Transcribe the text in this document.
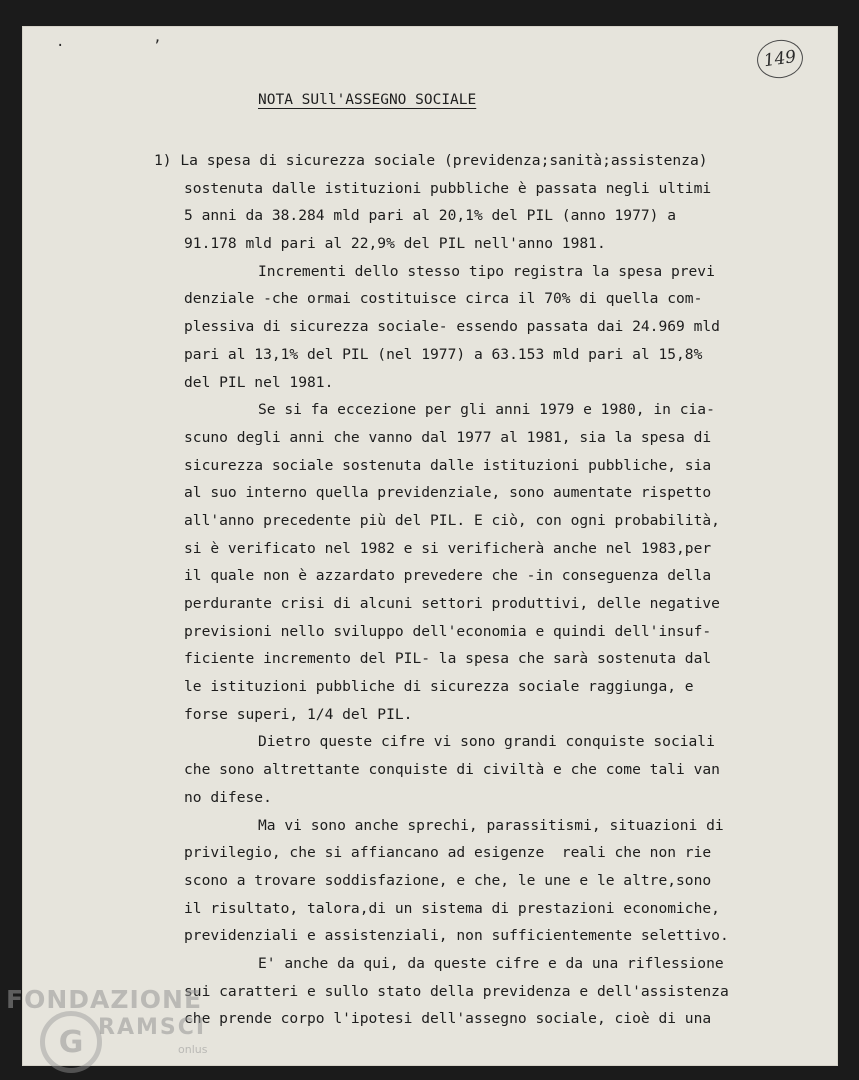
· ʼ
149
NOTA SUll'ASSEGNO SOCIALE
1) La spesa di sicurezza sociale (previdenza;sanità;assistenza)
sostenuta dalle istituzioni pubbliche è passata negli ultimi
5 anni da 38.284 mld pari al 20,1% del PIL (anno 1977) a
91.178 mld pari al 22,9% del PIL nell'anno 1981.
Incrementi dello stesso tipo registra la spesa previ
denziale -che ormai costituisce circa il 70% di quella com-
plessiva di sicurezza sociale- essendo passata dai 24.969 mld
pari al 13,1% del PIL (nel 1977) a 63.153 mld pari al 15,8%
del PIL nel 1981.
Se si fa eccezione per gli anni 1979 e 1980, in cia-
scuno degli anni che vanno dal 1977 al 1981, sia la spesa di
sicurezza sociale sostenuta dalle istituzioni pubbliche, sia
al suo interno quella previdenziale, sono aumentate rispetto
all'anno precedente più del PIL. E ciò, con ogni probabilità,
si è verificato nel 1982 e si verificherà anche nel 1983,per
il quale non è azzardato prevedere che -in conseguenza della
perdurante crisi di alcuni settori produttivi, delle negative
previsioni nello sviluppo dell'economia e quindi dell'insuf-
ficiente incremento del PIL- la spesa che sarà sostenuta dal
le istituzioni pubbliche di sicurezza sociale raggiunga, e
forse superi, 1/4 del PIL.
Dietro queste cifre vi sono grandi conquiste sociali
che sono altrettante conquiste di civiltà e che come tali van
no difese.
Ma vi sono anche sprechi, parassitismi, situazioni di
privilegio, che si affiancano ad esigenze  reali che non rie
scono a trovare soddisfazione, e che, le une e le altre,sono
il risultato, talora,di un sistema di prestazioni economiche,
previdenziali e assistenziali, non sufficientemente selettivo.
E' anche da qui, da queste cifre e da una riflessione
sui caratteri e sullo stato della previdenza e dell'assistenza
che prende corpo l'ipotesi dell'assegno sociale, cioè di una
FONDAZIONE
G RAMSCI
onlus
